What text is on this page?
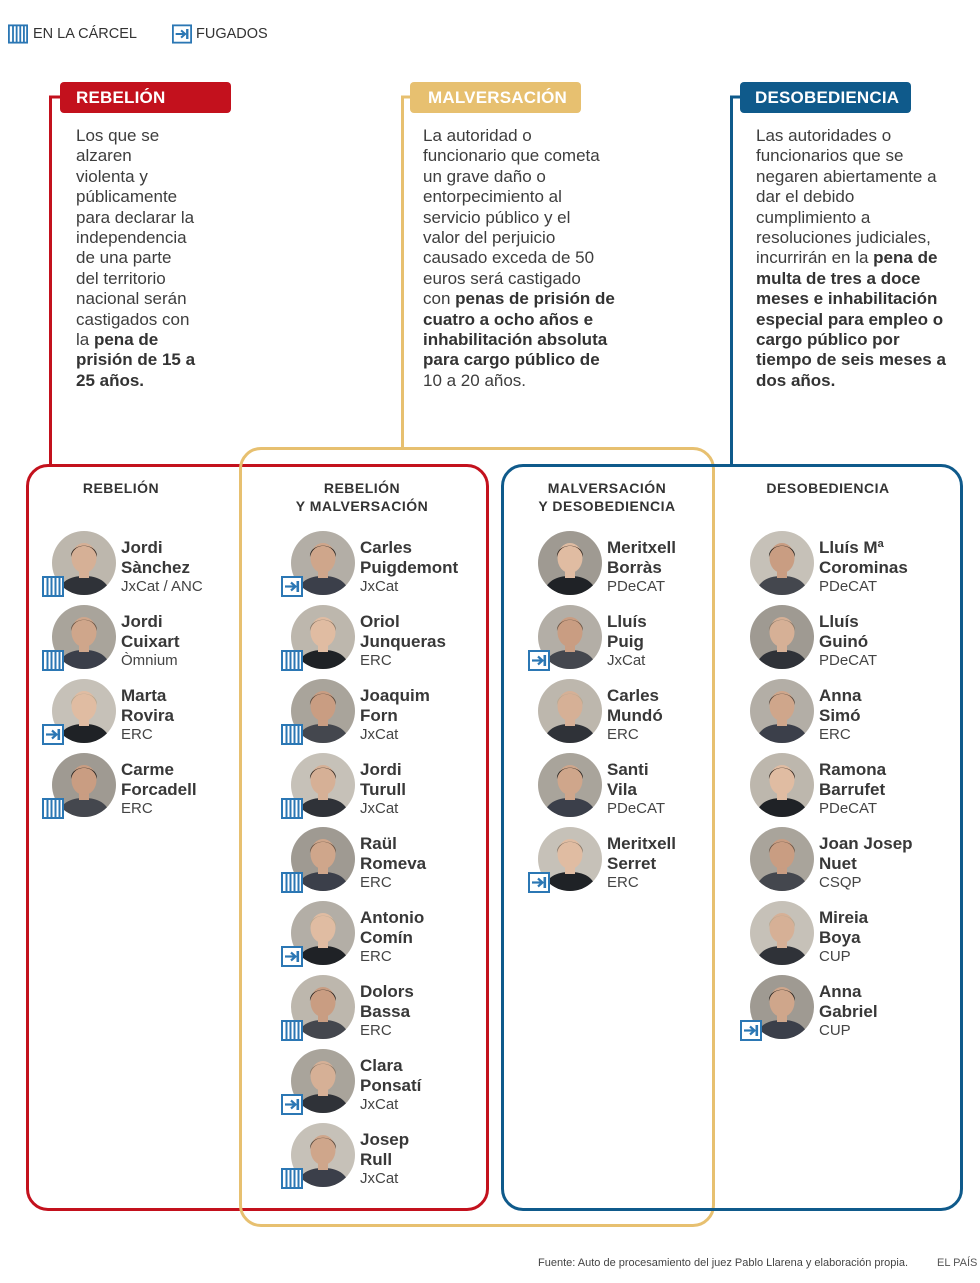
EN LA CÁRCEL	FUGADOS
REBELIÓN	MALVERSACIÓN	DESOBEDIENCIA
Los que se
alzaren
violenta y
públicamente
para declarar la
independencia
de una parte
del territorio
nacional serán
castigados con
la pena de
prisión de 15 a
25 años.
La autoridad o
funcionario que cometa
un grave daño o
entorpecimiento al
servicio público y el
valor del perjuicio
causado exceda de 50
euros será castigado
con penas de prisión de
cuatro a ocho años e
inhabilitación absoluta
para cargo público de
10 a 20 años.
Las autoridades o
funcionarios que se
negaren abiertamente a
dar el debido
cumplimiento a
resoluciones judiciales,
incurrirán en la pena de
multa de tres a doce
meses e inhabilitación
especial para empleo o
cargo público por
tiempo de seis meses a
dos años.
REBELIÓN	REBELIÓN
Y MALVERSACIÓN
MALVERSACIÓN
Y DESOBEDIENCIA
DESOBEDIENCIA
Jordi
Sànchez
JxCat / ANC
Jordi
Cuixart
Òmnium
Marta
Rovira
ERC
Carme
Forcadell
ERC
Carles
Puigdemont
JxCat
Oriol
Junqueras
ERC
Joaquim
Forn
JxCat
Jordi
Turull
JxCat
Raül
Romeva
ERC
Antonio
Comín
ERC
Dolors
Bassa
ERC
Clara
Ponsatí
JxCat
Josep
Rull
JxCat
Meritxell
Borràs
PDeCAT
Lluís
Puig
JxCat
Carles
Mundó
ERC
Santi
Vila
PDeCAT
Meritxell
Serret
ERC
Lluís Mª
Corominas
PDeCAT
Lluís
Guinó
PDeCAT
Anna
Simó
ERC
Ramona
Barrufet
PDeCAT
Joan Josep
Nuet
CSQP
Mireia
Boya
CUP
Anna
Gabriel
CUP
Fuente: Auto de procesamiento del juez Pablo Llarena y elaboración propia.	EL PAÍS
